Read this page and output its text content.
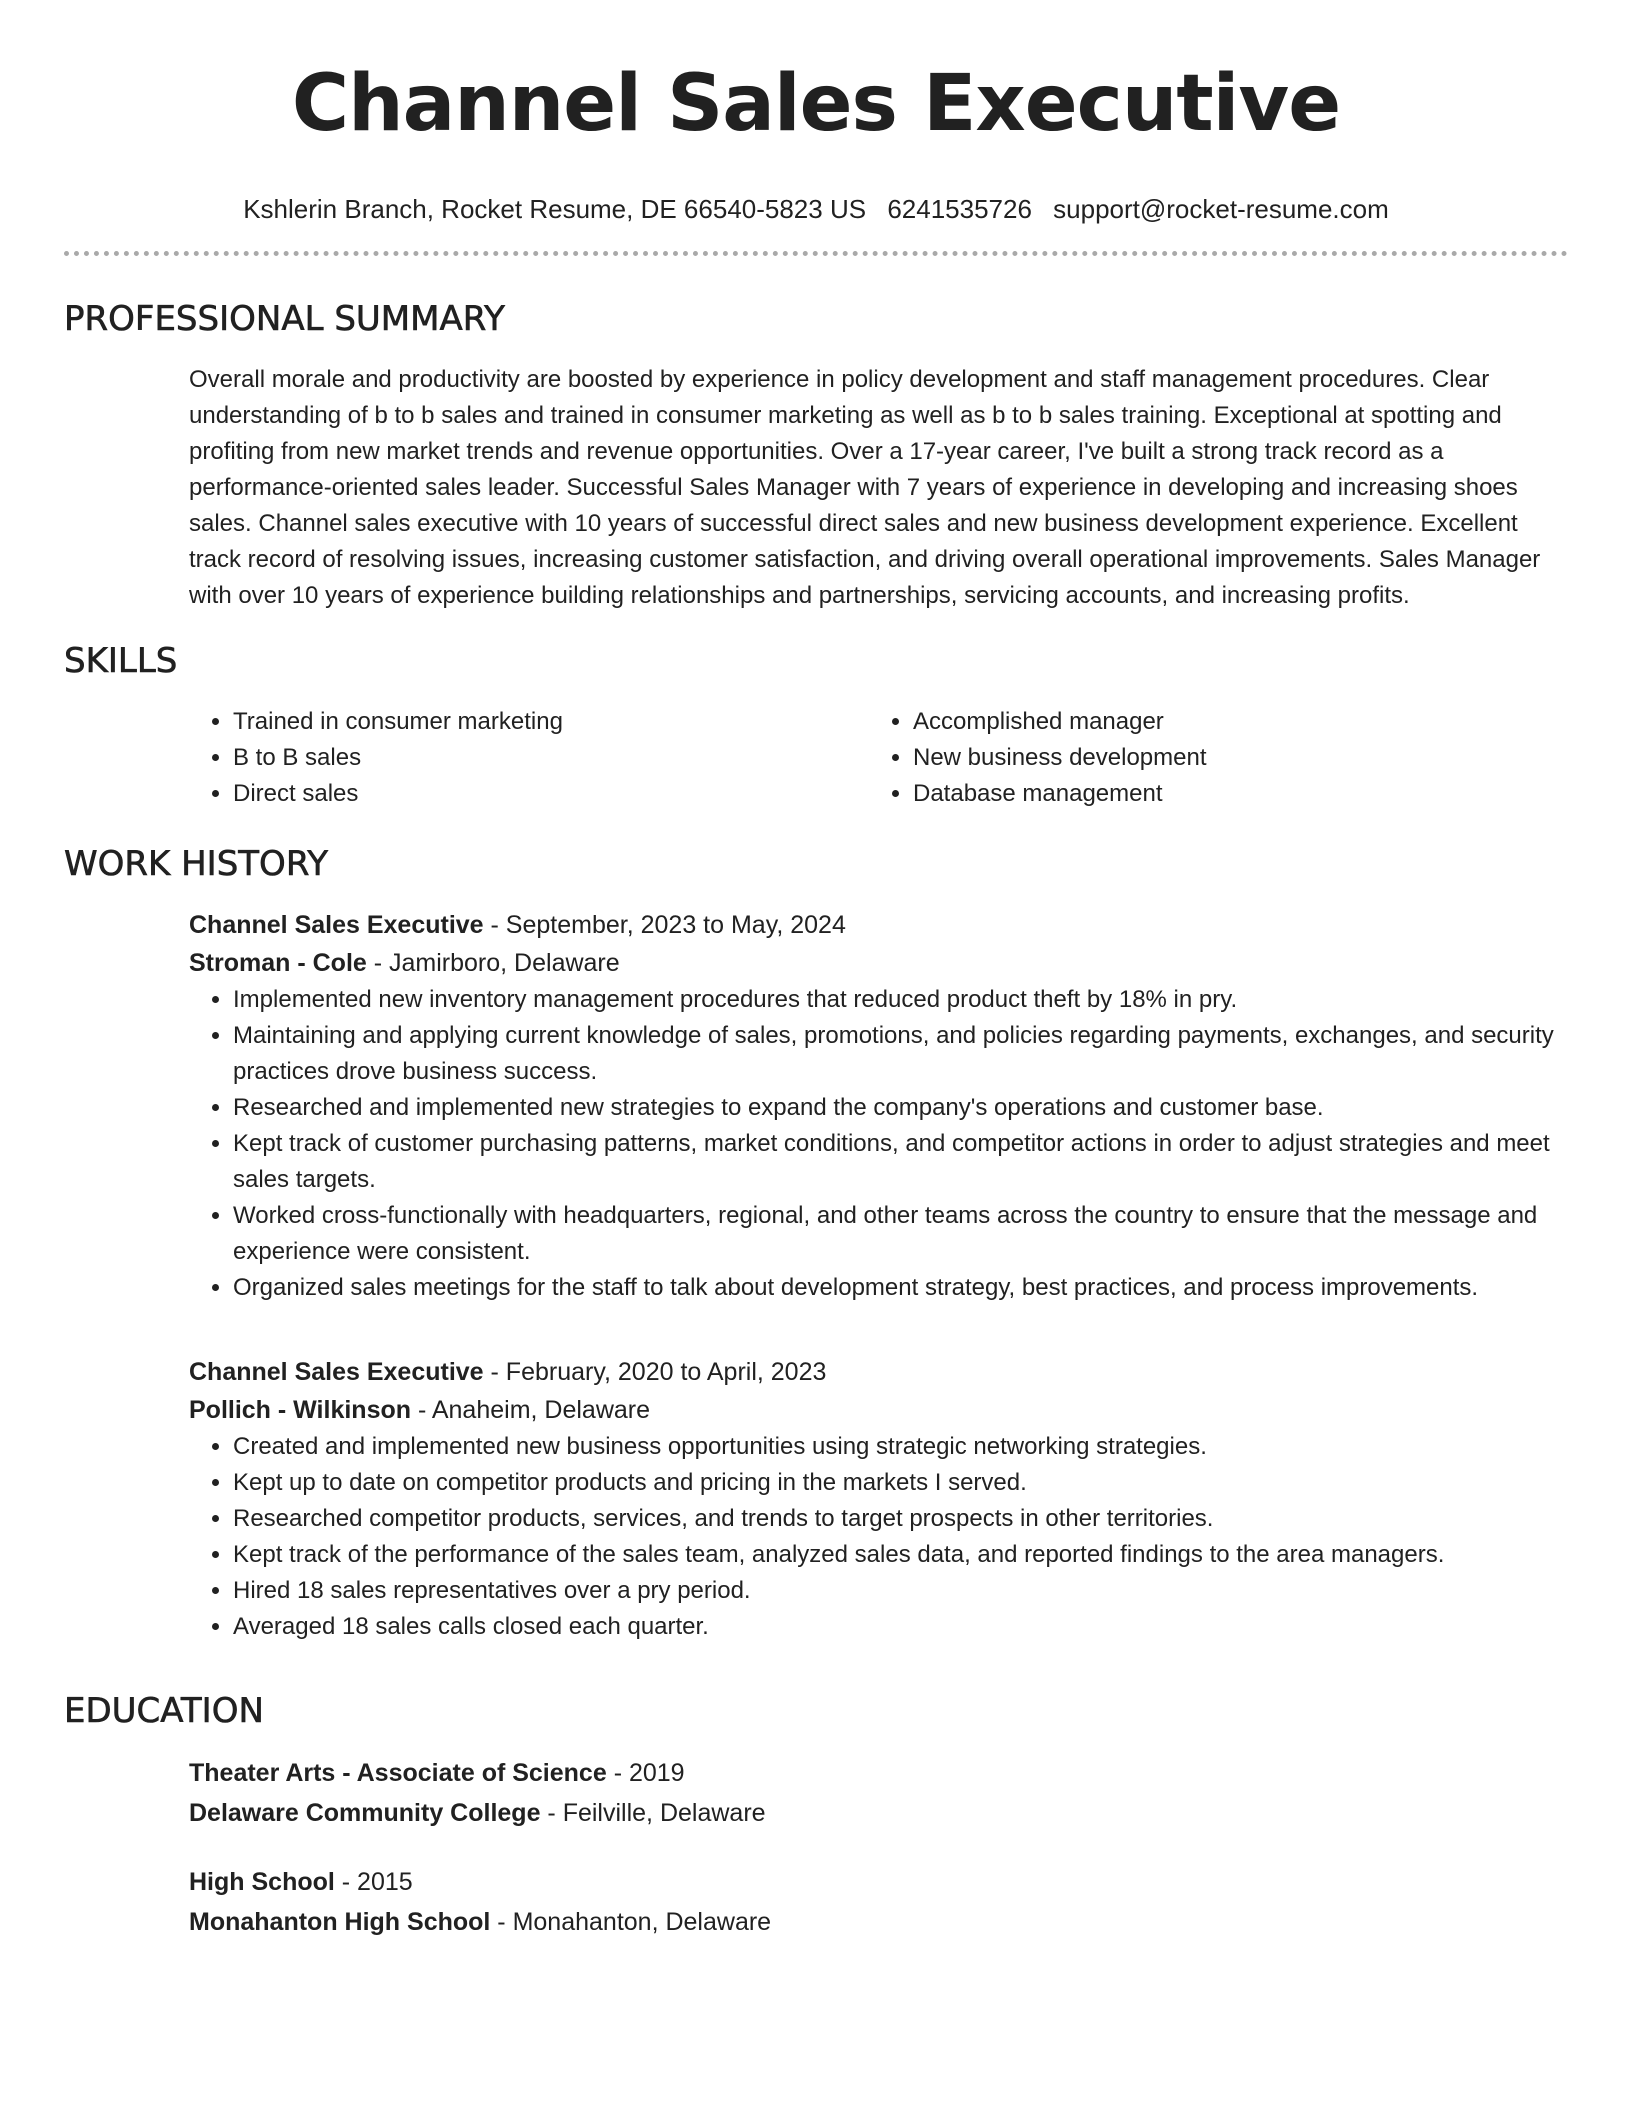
Channel Sales Executive
Kshlerin Branch, Rocket Resume, DE 66540-5823 US 6241535726 support@rocket-resume.com
PROFESSIONAL SUMMARY

Overall morale and productivity are boosted by experience in policy development and staff management procedures. Clear understanding of b to b sales and trained in consumer marketing as well as b to b sales training. Exceptional at spotting and profiting from new market trends and revenue opportunities. Over a 17-year career, I've built a strong track record as a performance-oriented sales leader. Successful Sales Manager with 7 years of experience in developing and increasing shoes sales. Channel sales executive with 10 years of successful direct sales and new business development experience. Excellent track record of resolving issues, increasing customer satisfaction, and driving overall operational improvements. Sales Manager with over 10 years of experience building relationships and partnerships, servicing accounts, and increasing profits.

SKILLS
• Trained in consumer marketing
• B to B sales
• Direct sales
• Accomplished manager
• New business development
• Database management
WORK HISTORY
Channel Sales Executive - September, 2023 to May, 2024
Stroman - Cole - Jamirboro, Delaware
• Implemented new inventory management procedures that reduced product theft by 18% in pry.
• Maintaining and applying current knowledge of sales, promotions, and policies regarding payments, exchanges, and security practices drove business success.
• Researched and implemented new strategies to expand the company's operations and customer base.
• Kept track of customer purchasing patterns, market conditions, and competitor actions in order to adjust strategies and meet sales targets.
• Worked cross-functionally with headquarters, regional, and other teams across the country to ensure that the message and experience were consistent.
• Organized sales meetings for the staff to talk about development strategy, best practices, and process improvements.
Channel Sales Executive - February, 2020 to April, 2023
Pollich - Wilkinson - Anaheim, Delaware
• Created and implemented new business opportunities using strategic networking strategies.
• Kept up to date on competitor products and pricing in the markets I served.
• Researched competitor products, services, and trends to target prospects in other territories.
• Kept track of the performance of the sales team, analyzed sales data, and reported findings to the area managers.
• Hired 18 sales representatives over a pry period.
• Averaged 18 sales calls closed each quarter.
EDUCATION
Theater Arts - Associate of Science - 2019
Delaware Community College - Feilville, Delaware
High School - 2015
Monahanton High School - Monahanton, Delaware
